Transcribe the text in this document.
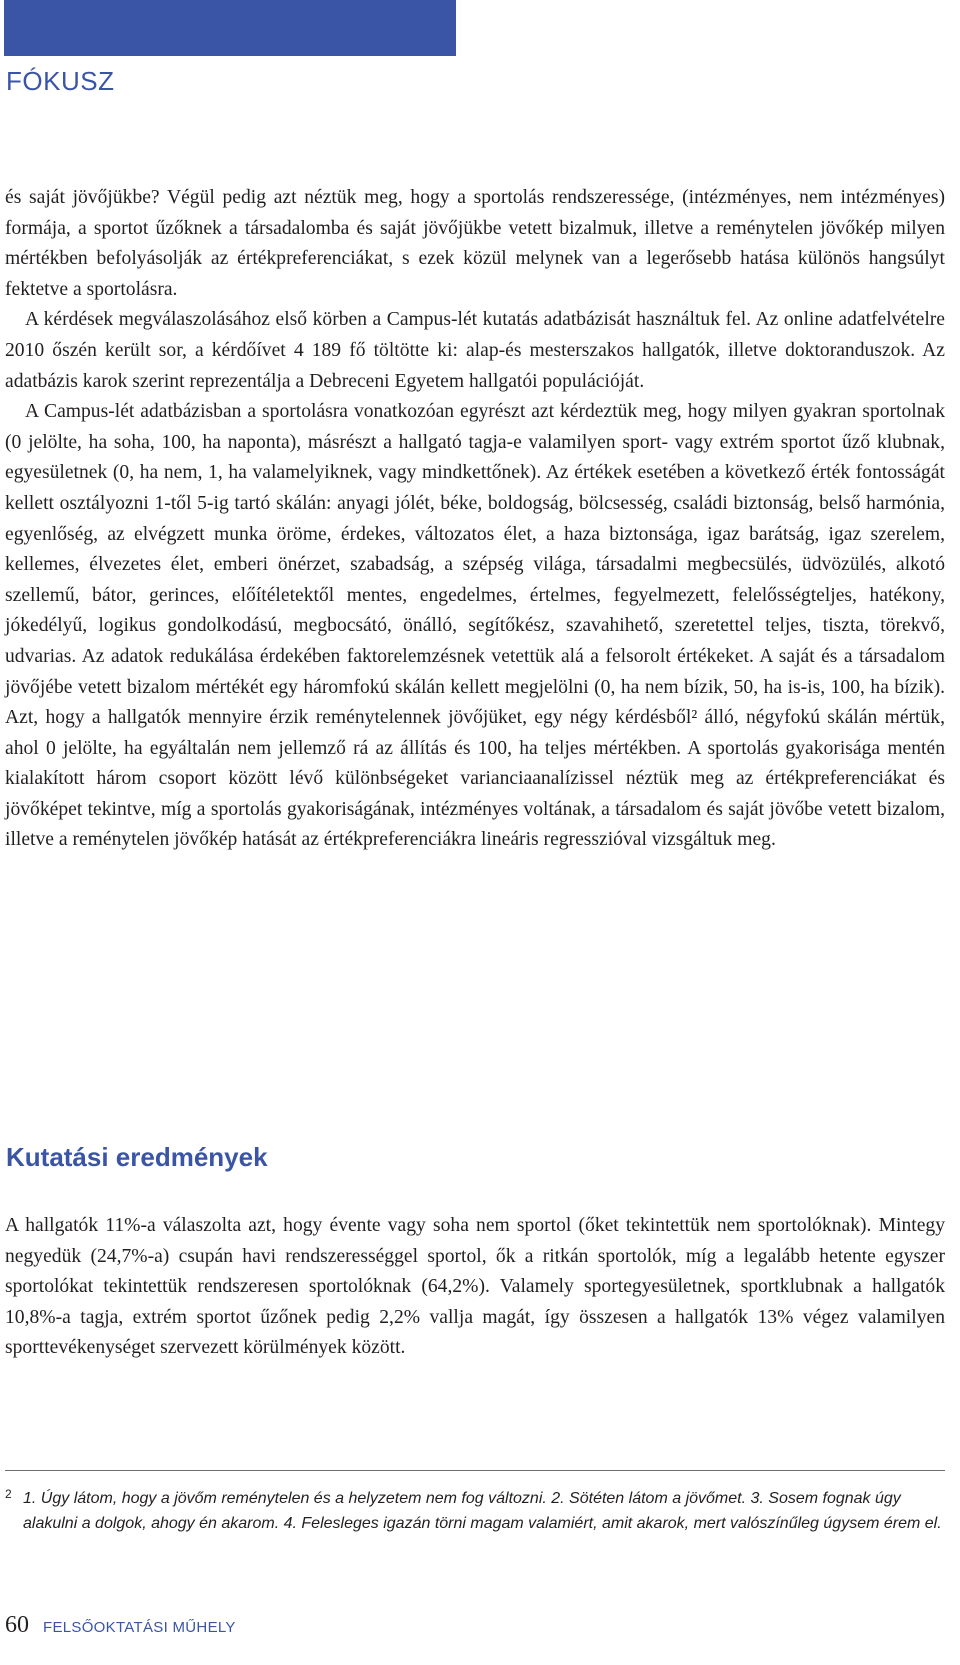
FÓKUSZ

és saját jövőjükbe? Végül pedig azt néztük meg, hogy a sportolás rendszeressége, (intézményes, nem intézményes) formája, a sportot űzőknek a társadalomba és saját jövőjükbe vetett bizalmuk, illetve a reménytelen jövőkép milyen mértékben befolyásolják az értékpreferenciákat, s ezek közül melynek van a legerősebb hatása különös hangsúlyt fektetve a sportolásra.

A kérdések megválaszolásához első körben a Campus-lét kutatás adatbázisát használtuk fel. Az online adatfelvételre 2010 őszén került sor, a kérdőívet 4 189 fő töltötte ki: alap-és mesterszakos hallgatók, illetve doktoranduszok. Az adatbázis karok szerint reprezentálja a Debreceni Egyetem hallgatói populációját.

A Campus-lét adatbázisban a sportolásra vonatkozóan egyrészt azt kérdeztük meg, hogy milyen gyakran sportolnak (0 jelölte, ha soha, 100, ha naponta), másrészt a hallgató tagja-e valamilyen sport- vagy extrém sportot űző klubnak, egyesületnek (0, ha nem, 1, ha valamelyiknek, vagy mindkettőnek). Az értékek esetében a következő érték fontosságát kellett osztályozni 1-től 5-ig tartó skálán: anyagi jólét, béke, boldogság, bölcsesség, családi biztonság, belső harmónia, egyenlőség, az elvégzett munka öröme, érdekes, változatos élet, a haza biztonsága, igaz barátság, igaz szerelem, kellemes, élvezetes élet, emberi önérzet, szabadság, a szépség világa, társadalmi megbecsülés, üdvözülés, alkotó szellemű, bátor, gerinces, előítéletektől mentes, engedelmes, értelmes, fegyelmezett, felelősségteljes, hatékony, jókedélyű, logikus gondolkodású, megbocsátó, önálló, segítőkész, szavahihető, szeretettel teljes, tiszta, törekvő, udvarias. Az adatok redukálása érdekében faktorelemzésnek vetettük alá a felsorolt értékeket. A saját és a társadalom jövőjébe vetett bizalom mértékét egy háromfokú skálán kellett megjelölni (0, ha nem bízik, 50, ha is-is, 100, ha bízik). Azt, hogy a hallgatók mennyire érzik reménytelennek jövőjüket, egy négy kérdésből² álló, négyfokú skálán mértük, ahol 0 jelölte, ha egyáltalán nem jellemző rá az állítás és 100, ha teljes mértékben. A sportolás gyakorisága mentén kialakított három csoport között lévő különbségeket varianciaanalízissel néztük meg az értékpreferenciákat és jövőképet tekintve, míg a sportolás gyakoriságának, intézményes voltának, a társadalom és saját jövőbe vetett bizalom, illetve a reménytelen jövőkép hatását az értékpreferenciákra lineáris regresszióval vizsgáltuk meg.

Kutatási eredmények

A hallgatók 11%-a válaszolta azt, hogy évente vagy soha nem sportol (őket tekintettük nem sportolóknak). Mintegy negyedük (24,7%-a) csupán havi rendszerességgel sportol, ők a ritkán sportolók, míg a legalább hetente egyszer sportolókat tekintettük rendszeresen sportolóknak (64,2%). Valamely sportegyesületnek, sportklubnak a hallgatók 10,8%-a tagja, extrém sportot űzőnek pedig 2,2% vallja magát, így összesen a hallgatók 13% végez valamilyen sporttevékenységet szervezett körülmények között.

2 1. Úgy látom, hogy a jövőm reménytelen és a helyzetem nem fog változni. 2. Sötéten látom a jövőmet. 3. Sosem fognak úgy alakulni a dolgok, ahogy én akarom. 4. Felesleges igazán törni magam valamiért, amit akarok, mert valószínűleg úgysem érem el.
60 FELSŐOKTATÁSI MŰHELY
